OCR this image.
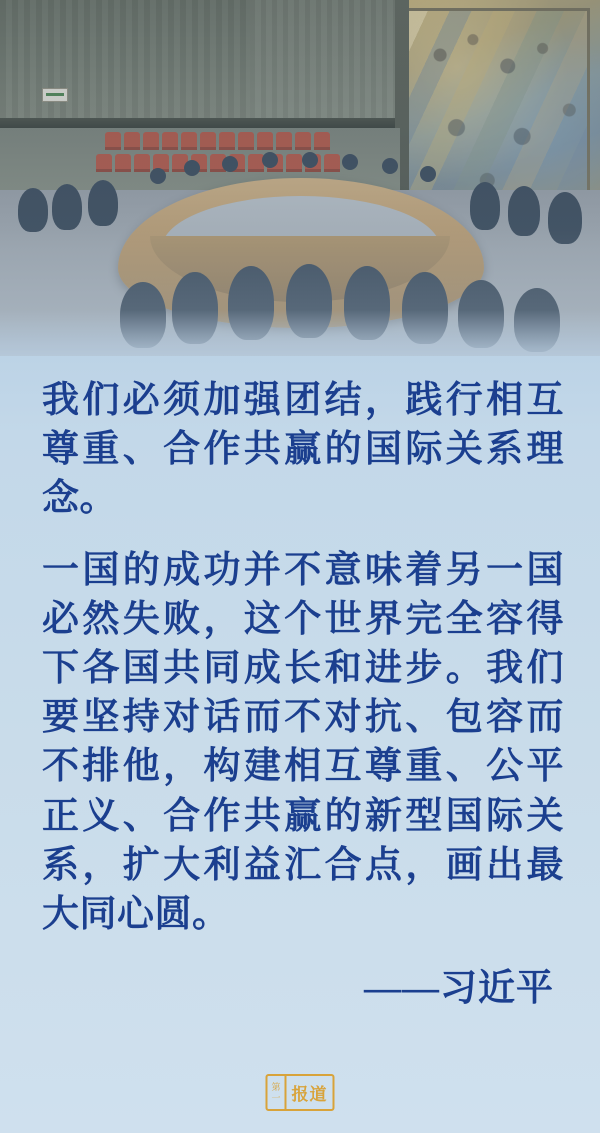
我们必须加强团结，践行相互尊重、合作共赢的国际关系理念。

一国的成功并不意味着另一国必然失败，这个世界完全容得下各国共同成长和进步。我们要坚持对话而不对抗、包容而不排他，构建相互尊重、公平正义、合作共赢的新型国际关系，扩大利益汇合点，画出最大同心圆。

——习近平
第
一 报道
